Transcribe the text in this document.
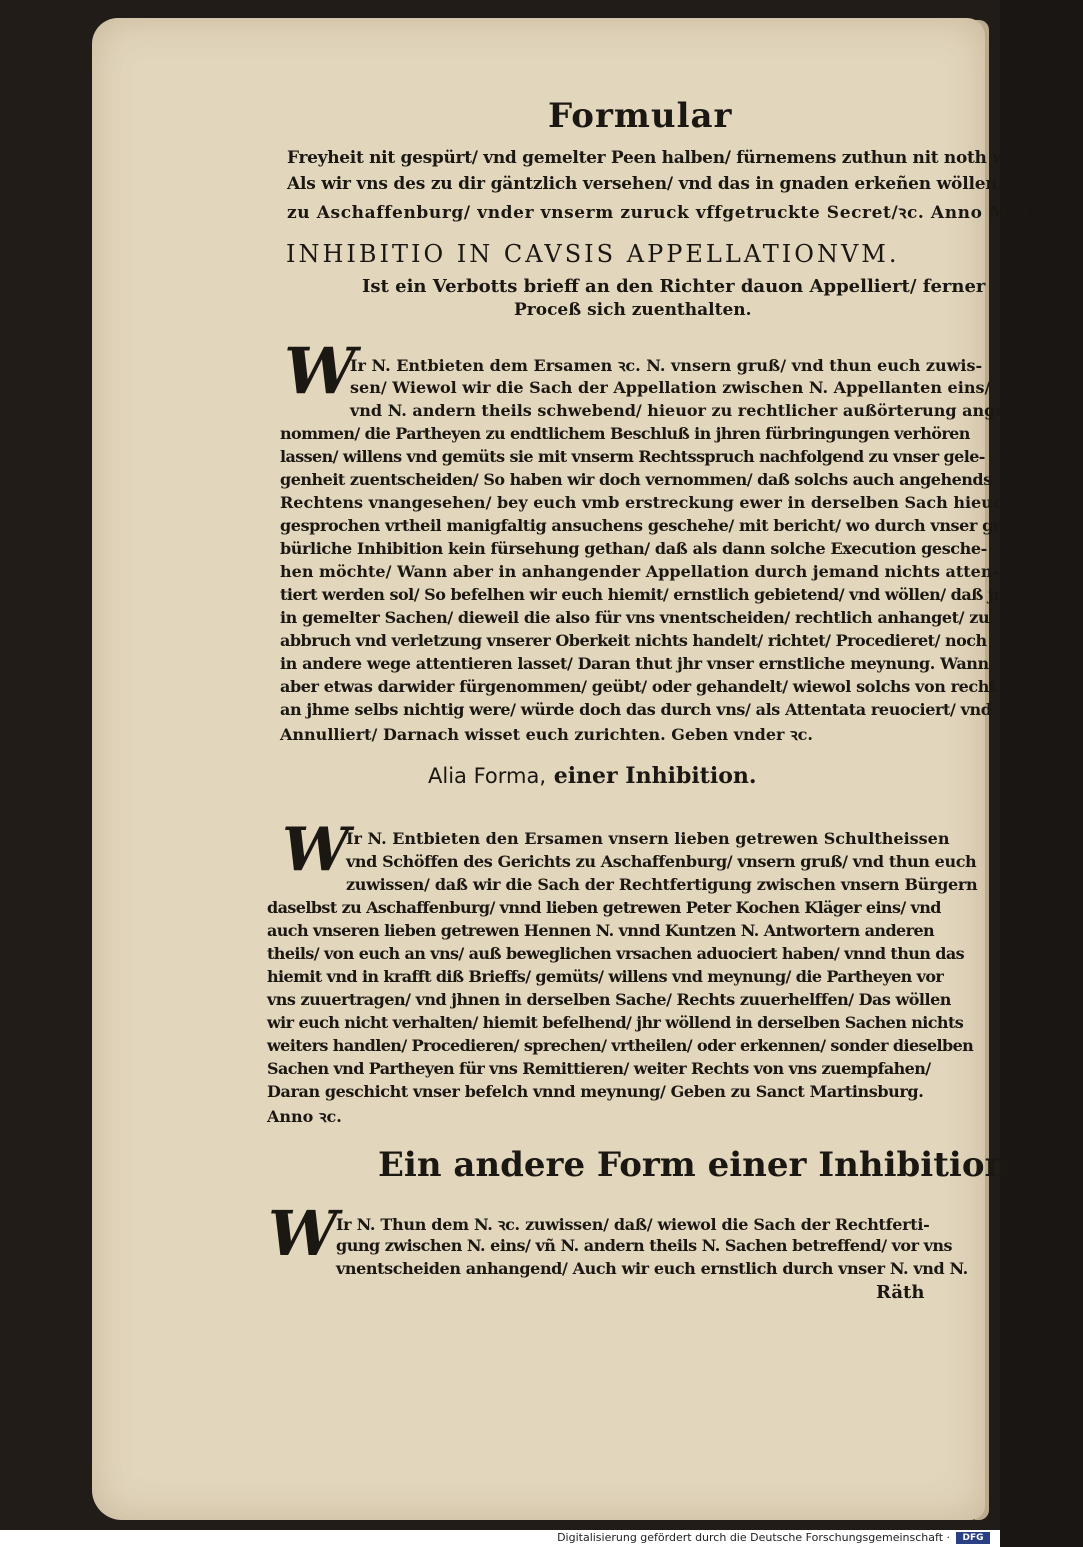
Formular
Freyheit nit gespürt/ vnd gemelter Peen halben/ fürnemens zuthun nit noth werde/
Als wir vns des zu dir gäntzlich versehen/ vnd das in gnaden erkeñen wöllen. Geben
zu Aschaffenburg/ vnder vnserm zuruck vffgetruckte Secret/ꝛc. Anno M. D. Xij.
INHIBITIO IN CAVSIS APPELLATIONVM.
Ist ein Verbotts brieff an den Richter dauon Appelliert/ ferner
Proceß sich zuenthalten.
W
Ir N. Entbieten dem Ersamen ꝛc. N. vnsern gruß/ vnd thun euch zuwis-
sen/ Wiewol wir die Sach der Appellation zwischen N. Appellanten eins/
vnd N. andern theils schwebend/ hieuor zu rechtlicher außörterung ange-
nommen/ die Partheyen zu endtlichem Beschluß in jhren fürbringungen verhören
lassen/ willens vnd gemüts sie mit vnserm Rechtsspruch nachfolgend zu vnser gele-
genheit zuentscheiden/ So haben wir doch vernommen/ daß solchs auch angehends
Rechtens vnangesehen/ bey euch vmb erstreckung ewer in derselben Sach hieuor
gesprochen vrtheil manigfaltig ansuchens geschehe/ mit bericht/ wo durch vnser ge-
bürliche Inhibition kein fürsehung gethan/ daß als dann solche Execution gesche-
hen möchte/ Wann aber in anhangender Appellation durch jemand nichts atten-
tiert werden sol/ So befelhen wir euch hiemit/ ernstlich gebietend/ vnd wöllen/ daß jr
in gemelter Sachen/ dieweil die also für vns vnentscheiden/ rechtlich anhanget/ zu
abbruch vnd verletzung vnserer Oberkeit nichts handelt/ richtet/ Procedieret/ noch
in andere wege attentieren lasset/ Daran thut jhr vnser ernstliche meynung. Wann
aber etwas darwider fürgenommen/ geübt/ oder gehandelt/ wiewol solchs von recht
an jhme selbs nichtig were/ würde doch das durch vns/ als Attentata reuociert/ vnd
Annulliert/ Darnach wisset euch zurichten. Geben vnder ꝛc.
Alia Forma, einer Inhibition.
W
Ir N. Entbieten den Ersamen vnsern lieben getrewen Schultheissen
vnd Schöffen des Gerichts zu Aschaffenburg/ vnsern gruß/ vnd thun euch
zuwissen/ daß wir die Sach der Rechtfertigung zwischen vnsern Bürgern
daselbst zu Aschaffenburg/ vnnd lieben getrewen Peter Kochen Kläger eins/ vnd
auch vnseren lieben getrewen Hennen N. vnnd Kuntzen N. Antwortern anderen
theils/ von euch an vns/ auß beweglichen vrsachen aduociert haben/ vnnd thun das
hiemit vnd in krafft diß Brieffs/ gemüts/ willens vnd meynung/ die Partheyen vor
vns zuuertragen/ vnd jhnen in derselben Sache/ Rechts zuuerhelffen/ Das wöllen
wir euch nicht verhalten/ hiemit befelhend/ jhr wöllend in derselben Sachen nichts
weiters handlen/ Procedieren/ sprechen/ vrtheilen/ oder erkennen/ sonder dieselben
Sachen vnd Partheyen für vns Remittieren/ weiter Rechts von vns zuempfahen/
Daran geschicht vnser befelch vnnd meynung/ Geben zu Sanct Martinsburg.
Anno ꝛc.
Ein andere Form einer Inhibition.
W
Ir N. Thun dem N. ꝛc. zuwissen/ daß/ wiewol die Sach der Rechtferti-
gung zwischen N. eins/ vñ N. andern theils N. Sachen betreffend/ vor vns
vnentscheiden anhangend/ Auch wir euch ernstlich durch vnser N. vnd N.
Räth
Digitalisierung gefördert durch die Deutsche Forschungsgemeinschaft ·	DFG
